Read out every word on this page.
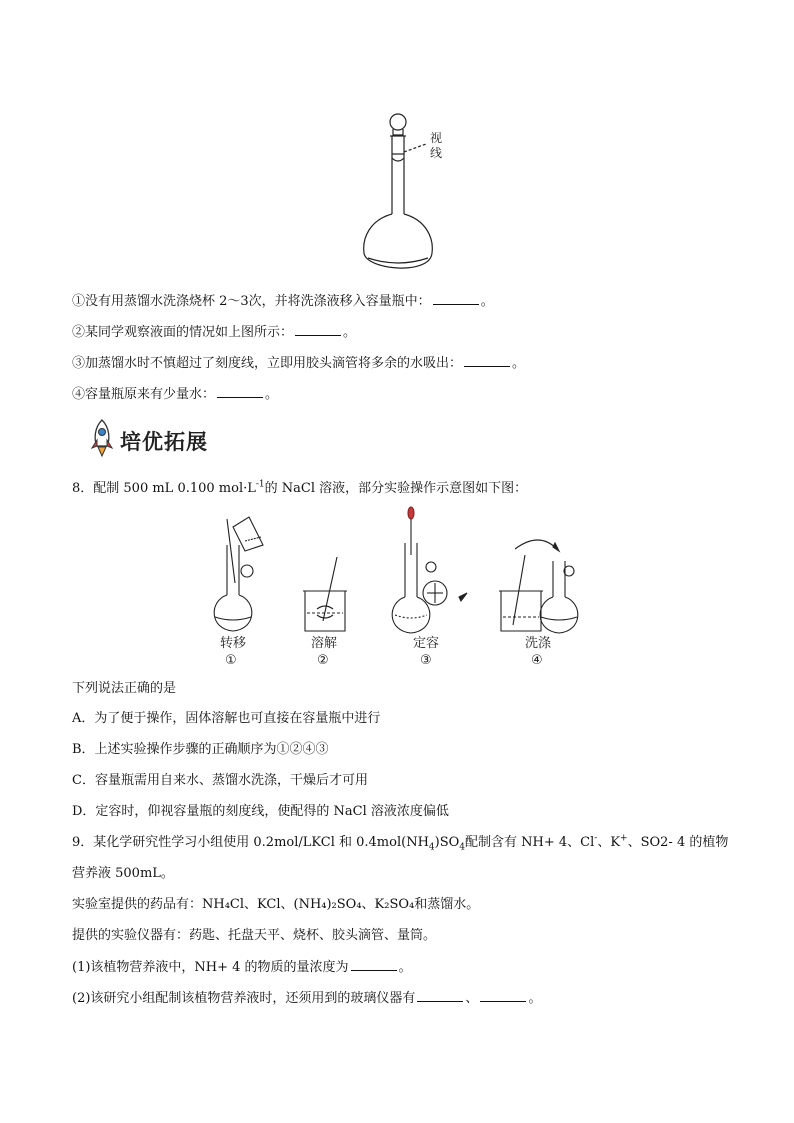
视
线
①没有用蒸馏水洗涤烧杯 2～3次，并将洗涤液移入容量瓶中：	。
②某同学观察液面的情况如上图所示：	。
③加蒸馏水时不慎超过了刻度线，立即用胶头滴管将多余的水吸出：	。
④容量瓶原来有少量水：	。
培优拓展
8．配制 500 mL 0.100 $mol\cdot L^{-1}$的 NaCl 溶液，部分实验操作示意图如下图：
转移
①
溶解
②
定容
③
洗涤
④
下列说法正确的是
A．为了便于操作，固体溶解也可直接在容量瓶中进行
B．上述实验操作步骤的正确顺序为①②④③
C．容量瓶需用自来水、蒸馏水洗涤，干燥后才可用
D．定容时，仰视容量瓶的刻度线，使配得的 NaCl 溶液浓度偏低
9．某化学研究性学习小组使用 0.2mol/LKCl 和 $0.4mol(NH_4)SO_4$配制含有 NH+ 4、Cl-、K+、SO2- 4 的植物
营养液 500mL。
实验室提供的药品有：NH₄Cl、KCl、(NH₄)₂SO₄、K₂SO₄和蒸馏水。
提供的实验仪器有：药匙、托盘天平、烧杯、胶头滴管、量筒。
(1)该植物营养液中，NH+ 4 的物质的量浓度为	。
(2)该研究小组配制该植物营养液时，还须用到的玻璃仪器有	、	。
